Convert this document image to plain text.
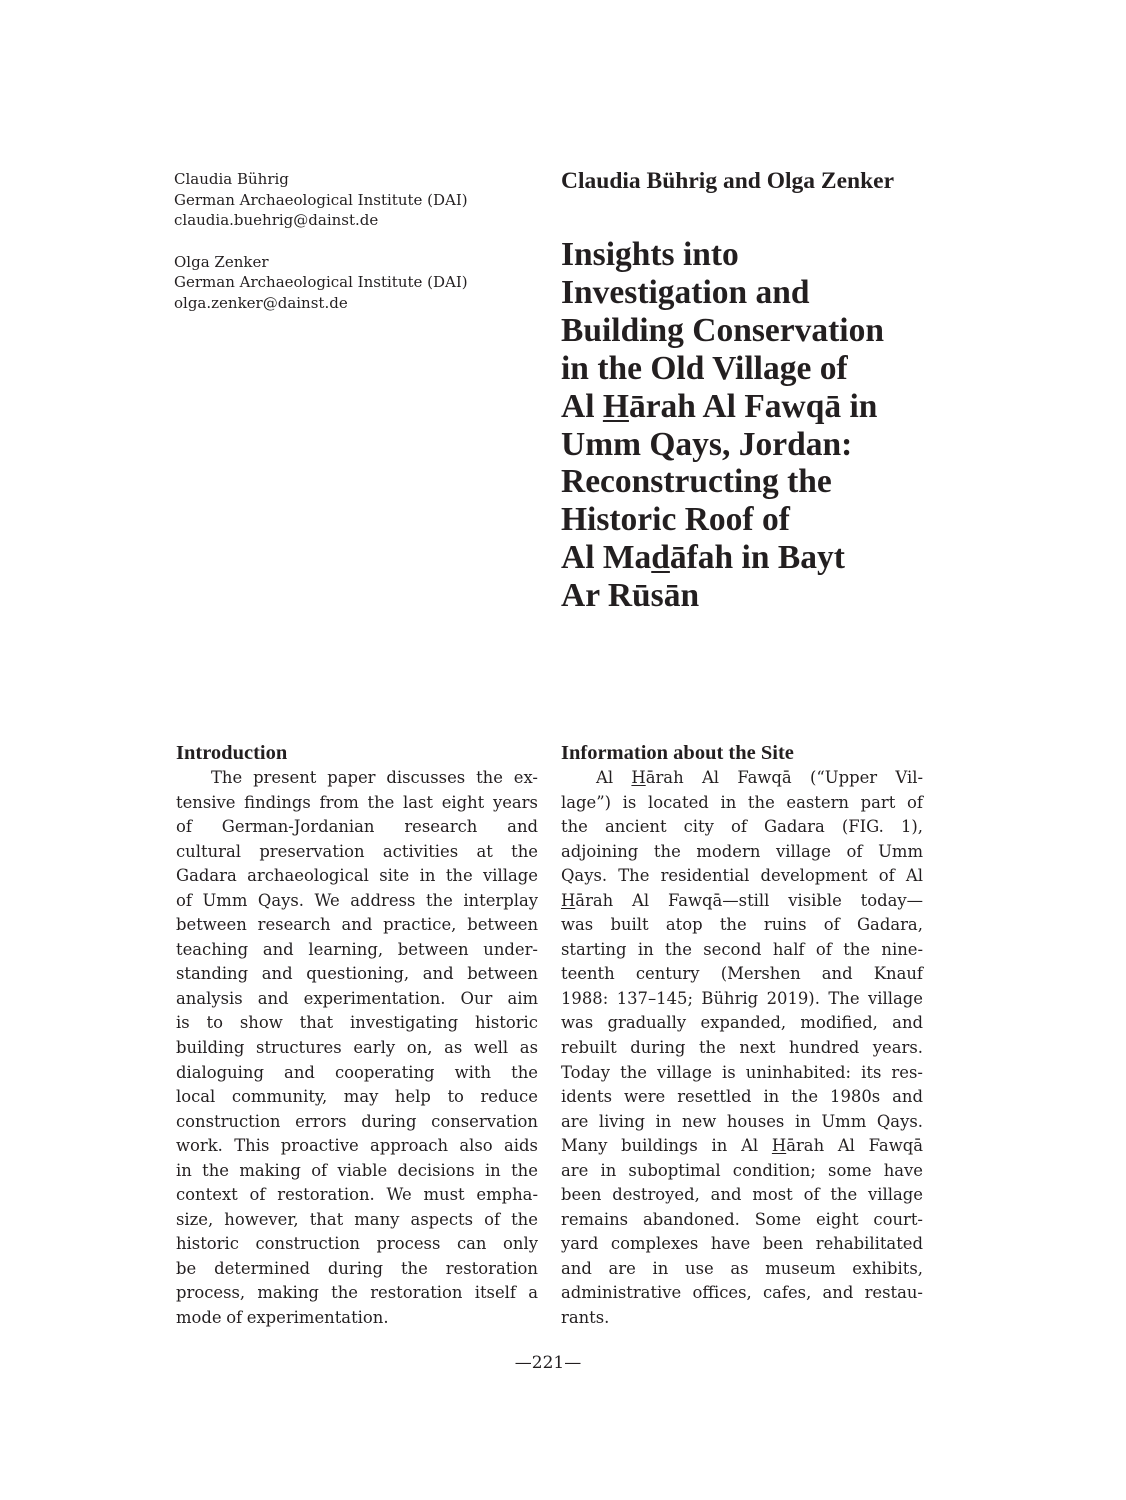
Claudia Bührig
German Archaeological Institute (DAI)
claudia.buehrig@dainst.de
Olga Zenker
German Archaeological Institute (DAI)
olga.zenker@dainst.de
Claudia Bührig and Olga Zenker
Insights into
Investigation and
Building Conservation
in the Old Village of
Al Hārah Al Fawqā in
Umm Qays, Jordan:
Reconstructing the
Historic Roof of
Al Madāfah in Bayt
Ar Rūsān
Introduction
The present paper discusses the ex-
tensive findings from the last eight years
of German-Jordanian research and
cultural preservation activities at the
Gadara archaeological site in the village
of Umm Qays. We address the interplay
between research and practice, between
teaching and learning, between under-
standing and questioning, and between
analysis and experimentation. Our aim
is to show that investigating historic
building structures early on, as well as
dialoguing and cooperating with the
local community, may help to reduce
construction errors during conservation
work. This proactive approach also aids
in the making of viable decisions in the
context of restoration. We must empha-
size, however, that many aspects of the
historic construction process can only
be determined during the restoration
process, making the restoration itself a
mode of experimentation.
Information about the Site
Al Hārah Al Fawqā (“Upper Vil-
lage”) is located in the eastern part of
the ancient city of Gadara (FIG. 1),
adjoining the modern village of Umm
Qays. The residential development of Al
Hārah Al Fawqā—still visible today—
was built atop the ruins of Gadara,
starting in the second half of the nine-
teenth century (Mershen and Knauf
1988: 137–145; Bührig 2019). The village
was gradually expanded, modified, and
rebuilt during the next hundred years.
Today the village is uninhabited: its res-
idents were resettled in the 1980s and
are living in new houses in Umm Qays.
Many buildings in Al Hārah Al Fawqā
are in suboptimal condition; some have
been destroyed, and most of the village
remains abandoned. Some eight court-
yard complexes have been rehabilitated
and are in use as museum exhibits,
administrative offices, cafes, and restau-
rants.
—221—
